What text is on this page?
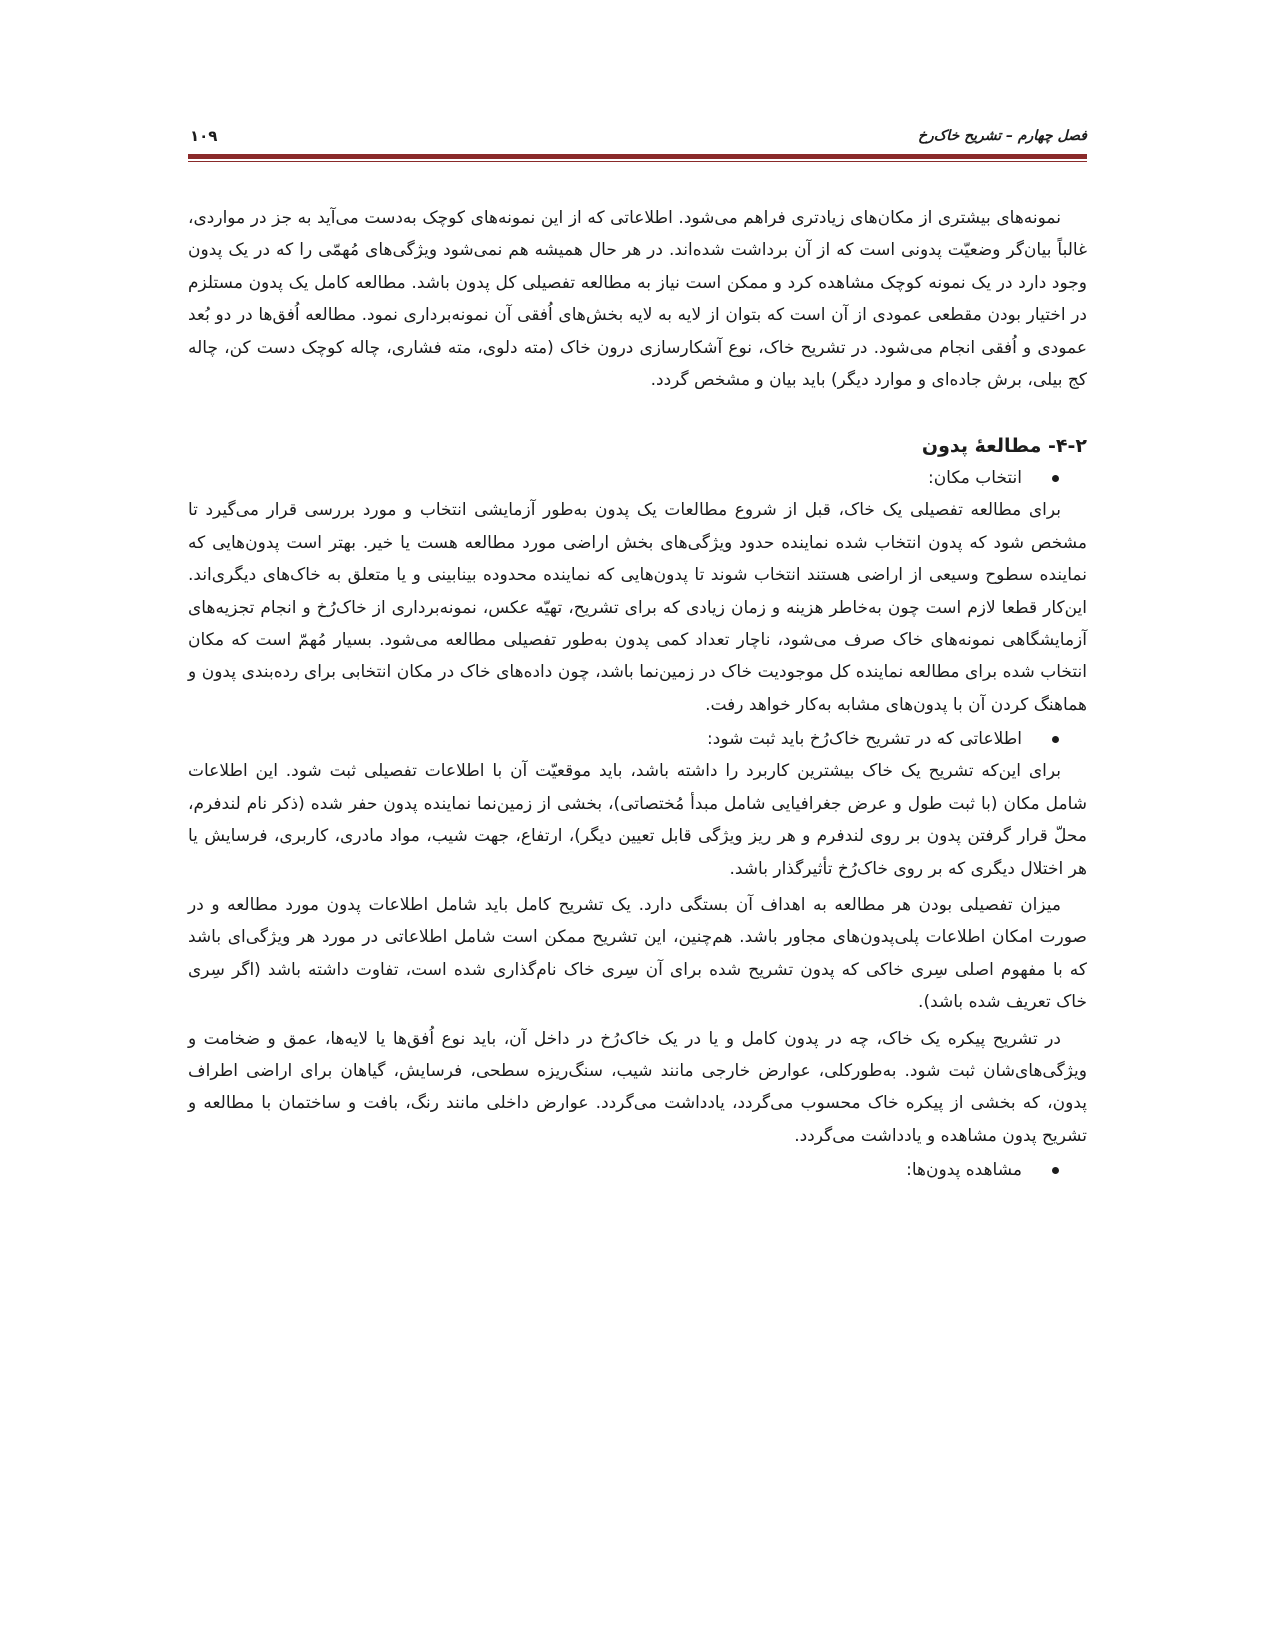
فصل چهارم – تشریح خاک‌رخ
۱۰۹

نمونه‌های بیشتری از مکان‌های زیادتری فراهم می‌شود. اطلاعاتی که از این نمونه‌های کوچک به‌دست می‌آید به جز در مواردی، غالباً بیان‌گر وضعیّت پدونی است که از آن برداشت شده‌اند. در هر حال همیشه هم نمی‌شود ویژگی‌های مُهمّی را که در یک پدون وجود دارد در یک نمونه کوچک مشاهده کرد و ممکن است نیاز به مطالعه تفصیلی کل پدون باشد. مطالعه کامل یک پدون مستلزم در اختیار بودن مقطعی عمودی از آن است که بتوان از لایه به لایه بخش‌های اُفقی آن نمونه‌برداری نمود. مطالعه اُفق‌ها در دو بُعد عمودی و اُفقی انجام می‌شود. در تشریح خاک، نوع آشکارسازی درون خاک (مته دلوی، مته فشاری، چاله کوچک دست کن، چاله کج بیلی، برش جاده‌ای و موارد دیگر) باید بیان و مشخص گردد.

۴-۲- مطالعهٔ پدون
انتخاب مکان:

برای مطالعه تفصیلی یک خاک، قبل از شروع مطالعات یک پدون به‌طور آزمایشی انتخاب و مورد بررسی قرار می‌گیرد تا مشخص شود که پدون انتخاب شده نماینده حدود ویژگی‌های بخش اراضی مورد مطالعه هست یا خیر. بهتر است پدون‌هایی که نماینده سطوح وسیعی از اراضی هستند انتخاب شوند تا پدون‌هایی که نماینده محدوده بینابینی و یا متعلق به خاک‌های دیگری‌اند. این‌کار قطعا لازم است چون به‌خاطر هزینه و زمان زیادی که برای تشریح، تهیّه عکس، نمونه‌برداری از خاک‌رُخ و انجام تجزیه‌های آزمایشگاهی نمونه‌های خاک صرف می‌شود، ناچار تعداد کمی پدون به‌طور تفصیلی مطالعه می‌شود. بسیار مُهمّ است که مکان انتخاب شده برای مطالعه نماینده کل موجودیت خاک در زمین‌نما باشد، چون داده‌های خاک در مکان انتخابی برای رده‌بندی پدون و هماهنگ کردن آن با پدون‌های مشابه به‌کار خواهد رفت.

اطلاعاتی که در تشریح خاک‌رُخ باید ثبت شود:

برای این‌که تشریح یک خاک بیشترین کاربرد را داشته باشد، باید موقعیّت آن با اطلاعات تفصیلی ثبت شود. این اطلاعات شامل مکان (با ثبت طول و عرض جغرافیایی شامل مبدأ مُختصاتی)، بخشی از زمین‌نما نماینده پدون حفر شده (ذکر نام لندفرم، محلّ قرار گرفتن پدون بر روی لندفرم و هر ریز ویژگی قابل تعیین دیگر)، ارتفاع، جهت شیب، مواد مادری، کاربری، فرسایش یا هر اختلال دیگری که بر روی خاک‌رُخ تأثیرگذار باشد.

میزان تفصیلی بودن هر مطالعه به اهداف آن بستگی دارد. یک تشریح کامل باید شامل اطلاعات پدون مورد مطالعه و در صورت امکان اطلاعات پلی‌پدون‌های مجاور باشد. هم‌چنین، این تشریح ممکن است شامل اطلاعاتی در مورد هر ویژگی‌ای باشد که با مفهوم اصلی سِری خاکی که پدون تشریح شده برای آن سِری خاک نام‌گذاری شده است، تفاوت داشته باشد (اگر سِری خاک تعریف شده باشد).

در تشریح پیکره یک خاک، چه در پدون کامل و یا در یک خاک‌رُخ در داخل آن، باید نوع اُفق‌ها یا لایه‌ها، عمق و ضخامت و ویژگی‌های‌شان ثبت شود. به‌طورکلی، عوارض خارجی مانند شیب، سنگ‌ریزه سطحی، فرسایش، گیاهان برای اراضی اطراف پدون، که بخشی از پیکره خاک محسوب می‌گردد، یادداشت می‌گردد. عوارض داخلی مانند رنگ، بافت و ساختمان با مطالعه و تشریح پدون مشاهده و یادداشت می‌گردد.

مشاهده پدون‌ها:
